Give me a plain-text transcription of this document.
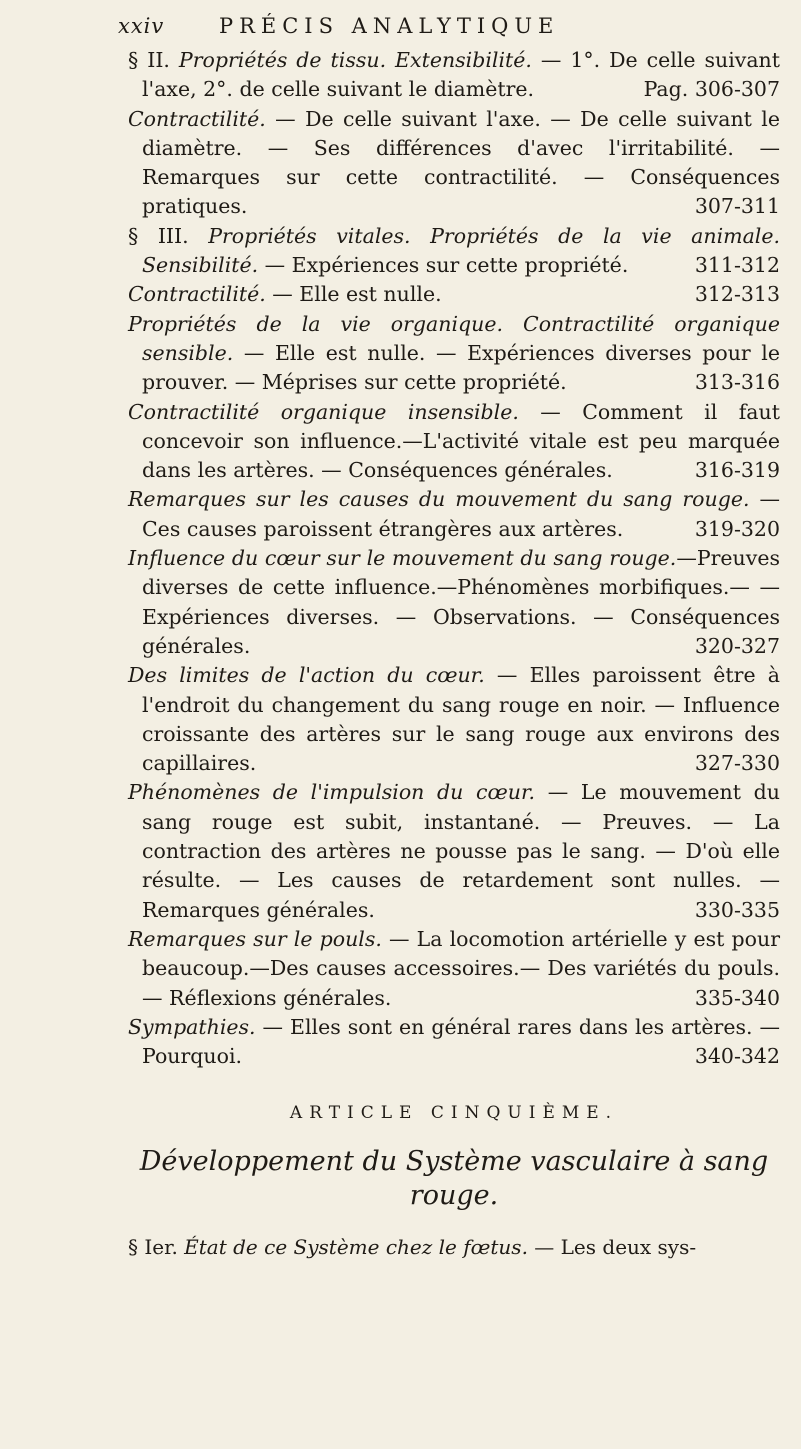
xxiv	PRÉCIS ANALYTIQUE

§ II. Propriétés de tissu. Extensibilité. — 1°. De celle suivant l'axe, 2°. de celle suivant le diamètre.	Pag. 306-307

Contractilité. — De celle suivant l'axe. — De celle suivant le diamètre. — Ses différences d'avec l'irritabilité. — Remarques sur cette contractilité. — Conséquences pratiques.	307-311

§ III. Propriétés vitales. Propriétés de la vie animale. Sensibilité. — Expériences sur cette propriété.	311-312

Contractilité. — Elle est nulle.	312-313

Propriétés de la vie organique. Contractilité organique sensible. — Elle est nulle. — Expériences diverses pour le prouver. — Méprises sur cette propriété.	313-316

Contractilité organique insensible. — Comment il faut concevoir son influence.—L'activité vitale est peu marquée dans les artères. — Conséquences générales.	316-319

Remarques sur les causes du mouvement du sang rouge. — Ces causes paroissent étrangères aux artères.	319-320

Influence du cœur sur le mouvement du sang rouge.—Preuves diverses de cette influence.—Phénomènes morbifiques.— — Expériences diverses. — Observations. — Conséquences générales.	320-327

Des limites de l'action du cœur. — Elles paroissent être à l'endroit du changement du sang rouge en noir. — Influence croissante des artères sur le sang rouge aux environs des capillaires.	327-330

Phénomènes de l'impulsion du cœur. — Le mouvement du sang rouge est subit, instantané. — Preuves. — La contraction des artères ne pousse pas le sang. — D'où elle résulte. — Les causes de retardement sont nulles. — Remarques générales.	330-335

Remarques sur le pouls. — La locomotion artérielle y est pour beaucoup.—Des causes accessoires.— Des variétés du pouls. — Réflexions générales.	335-340

Sympathies. — Elles sont en général rares dans les artères. — Pourquoi.	340-342

ARTICLE CINQUIÈME.
Développement du Système vasculaire à sang rouge.

§ Ier. État de ce Système chez le fœtus. — Les deux sys-
